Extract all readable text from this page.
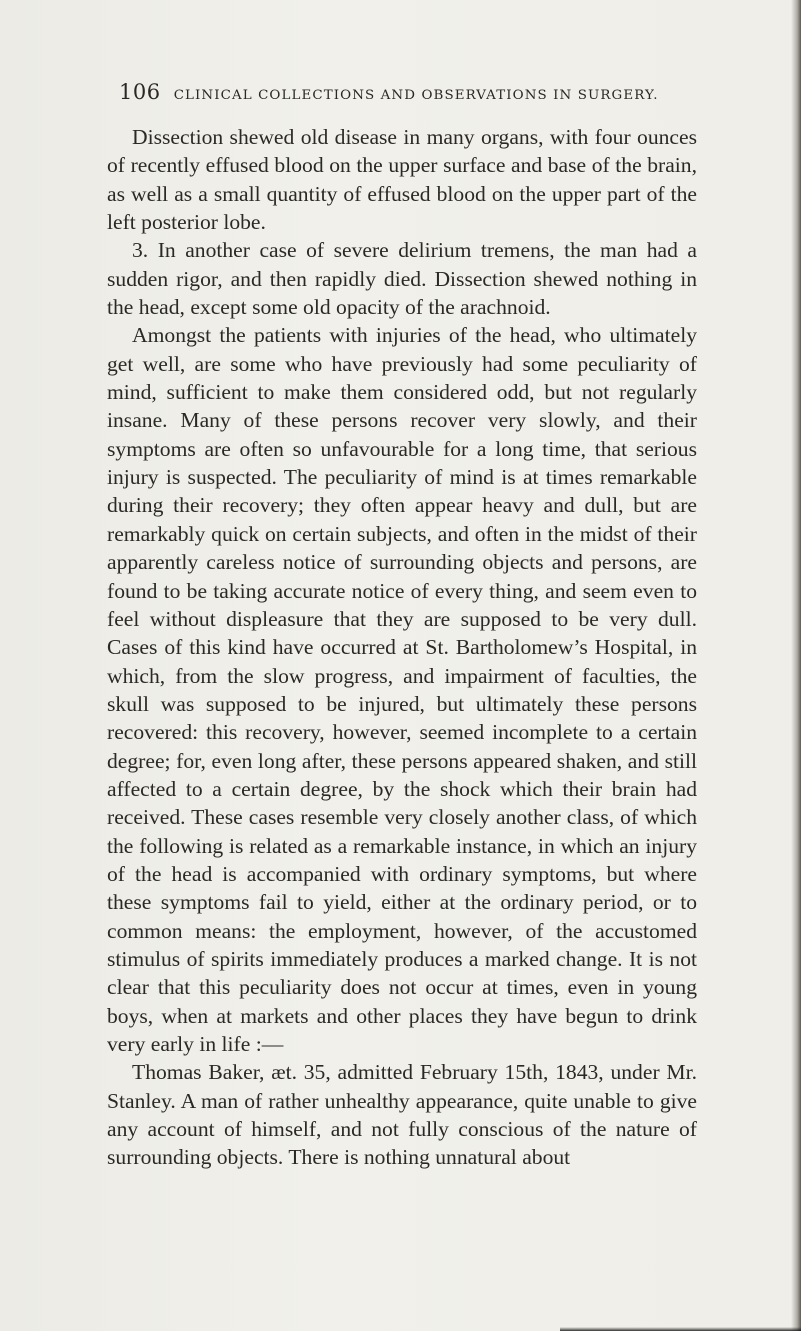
106 CLINICAL COLLECTIONS AND OBSERVATIONS IN SURGERY.

Dissection shewed old disease in many organs, with four ounces of recently effused blood on the upper surface and base of the brain, as well as a small quantity of effused blood on the upper part of the left posterior lobe.

3. In another case of severe delirium tremens, the man had a sudden rigor, and then rapidly died. Dissection shewed nothing in the head, except some old opacity of the arachnoid.

Amongst the patients with injuries of the head, who ultimately get well, are some who have previously had some peculiarity of mind, sufficient to make them considered odd, but not regularly insane. Many of these persons recover very slowly, and their symptoms are often so unfavourable for a long time, that serious injury is suspected. The peculiarity of mind is at times remarkable during their recovery; they often appear heavy and dull, but are remarkably quick on certain subjects, and often in the midst of their apparently careless notice of surrounding objects and persons, are found to be taking accurate notice of every thing, and seem even to feel without displeasure that they are supposed to be very dull. Cases of this kind have occurred at St. Bartholomew’s Hospital, in which, from the slow progress, and impairment of faculties, the skull was supposed to be injured, but ultimately these persons recovered: this recovery, however, seemed incomplete to a certain degree; for, even long after, these persons appeared shaken, and still affected to a certain degree, by the shock which their brain had received. These cases resemble very closely another class, of which the following is related as a remarkable instance, in which an injury of the head is accompanied with ordinary symptoms, but where these symptoms fail to yield, either at the ordinary period, or to common means: the employment, however, of the accustomed stimulus of spirits immediately produces a marked change. It is not clear that this peculiarity does not occur at times, even in young boys, when at markets and other places they have begun to drink very early in life :—

Thomas Baker, æt. 35, admitted February 15th, 1843, under Mr. Stanley. A man of rather unhealthy appearance, quite unable to give any account of himself, and not fully conscious of the nature of surrounding objects. There is nothing unnatural about
